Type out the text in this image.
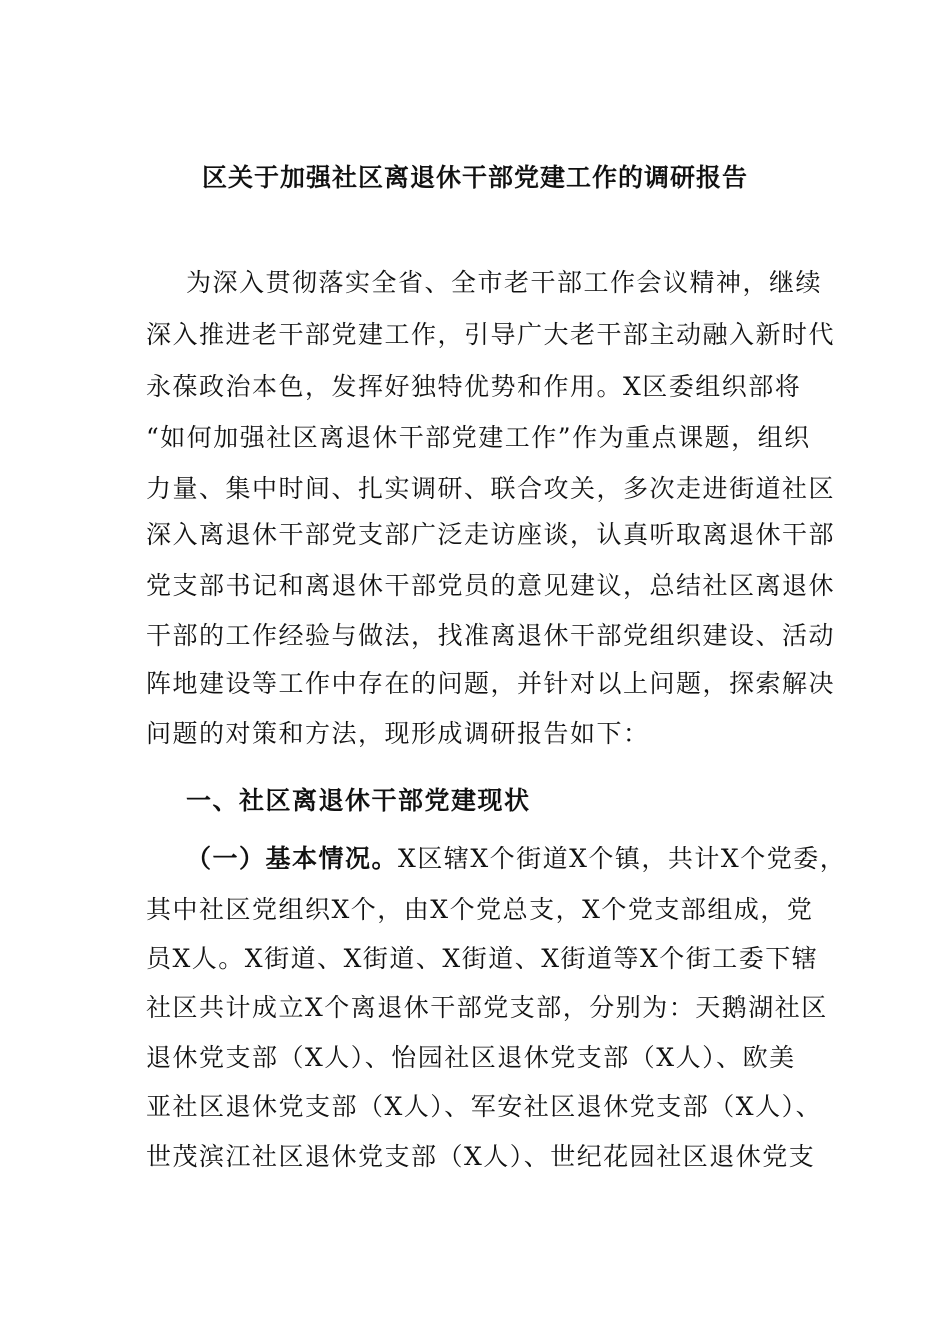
区关于加强社区离退休干部党建工作的调研报告
为深入贯彻落实全省、全市老干部工作会议精神，继续
深入推进老干部党建工作，引导广大老干部主动融入新时代
永葆政治本色，发挥好独特优势和作用。X区委组织部将
“如何加强社区离退休干部党建工作”作为重点课题，组织
力量、集中时间、扎实调研、联合攻关，多次走进街道社区
深入离退休干部党支部广泛走访座谈，认真听取离退休干部
党支部书记和离退休干部党员的意见建议，总结社区离退休
干部的工作经验与做法，找准离退休干部党组织建设、活动
阵地建设等工作中存在的问题，并针对以上问题，探索解决
问题的对策和方法，现形成调研报告如下：
一、社区离退休干部党建现状
（一）基本情况。X区辖X个街道X个镇，共计X个党委，
其中社区党组织X个，由X个党总支，X个党支部组成，党
员X人。X街道、X街道、X街道、X街道等X个街工委下辖
社区共计成立X个离退休干部党支部，分别为：天鹅湖社区
退休党支部（X人）、怡园社区退休党支部（X人）、欧美
亚社区退休党支部（X人）、军安社区退休党支部（X人）、
世茂滨江社区退休党支部（X人）、世纪花园社区退休党支
